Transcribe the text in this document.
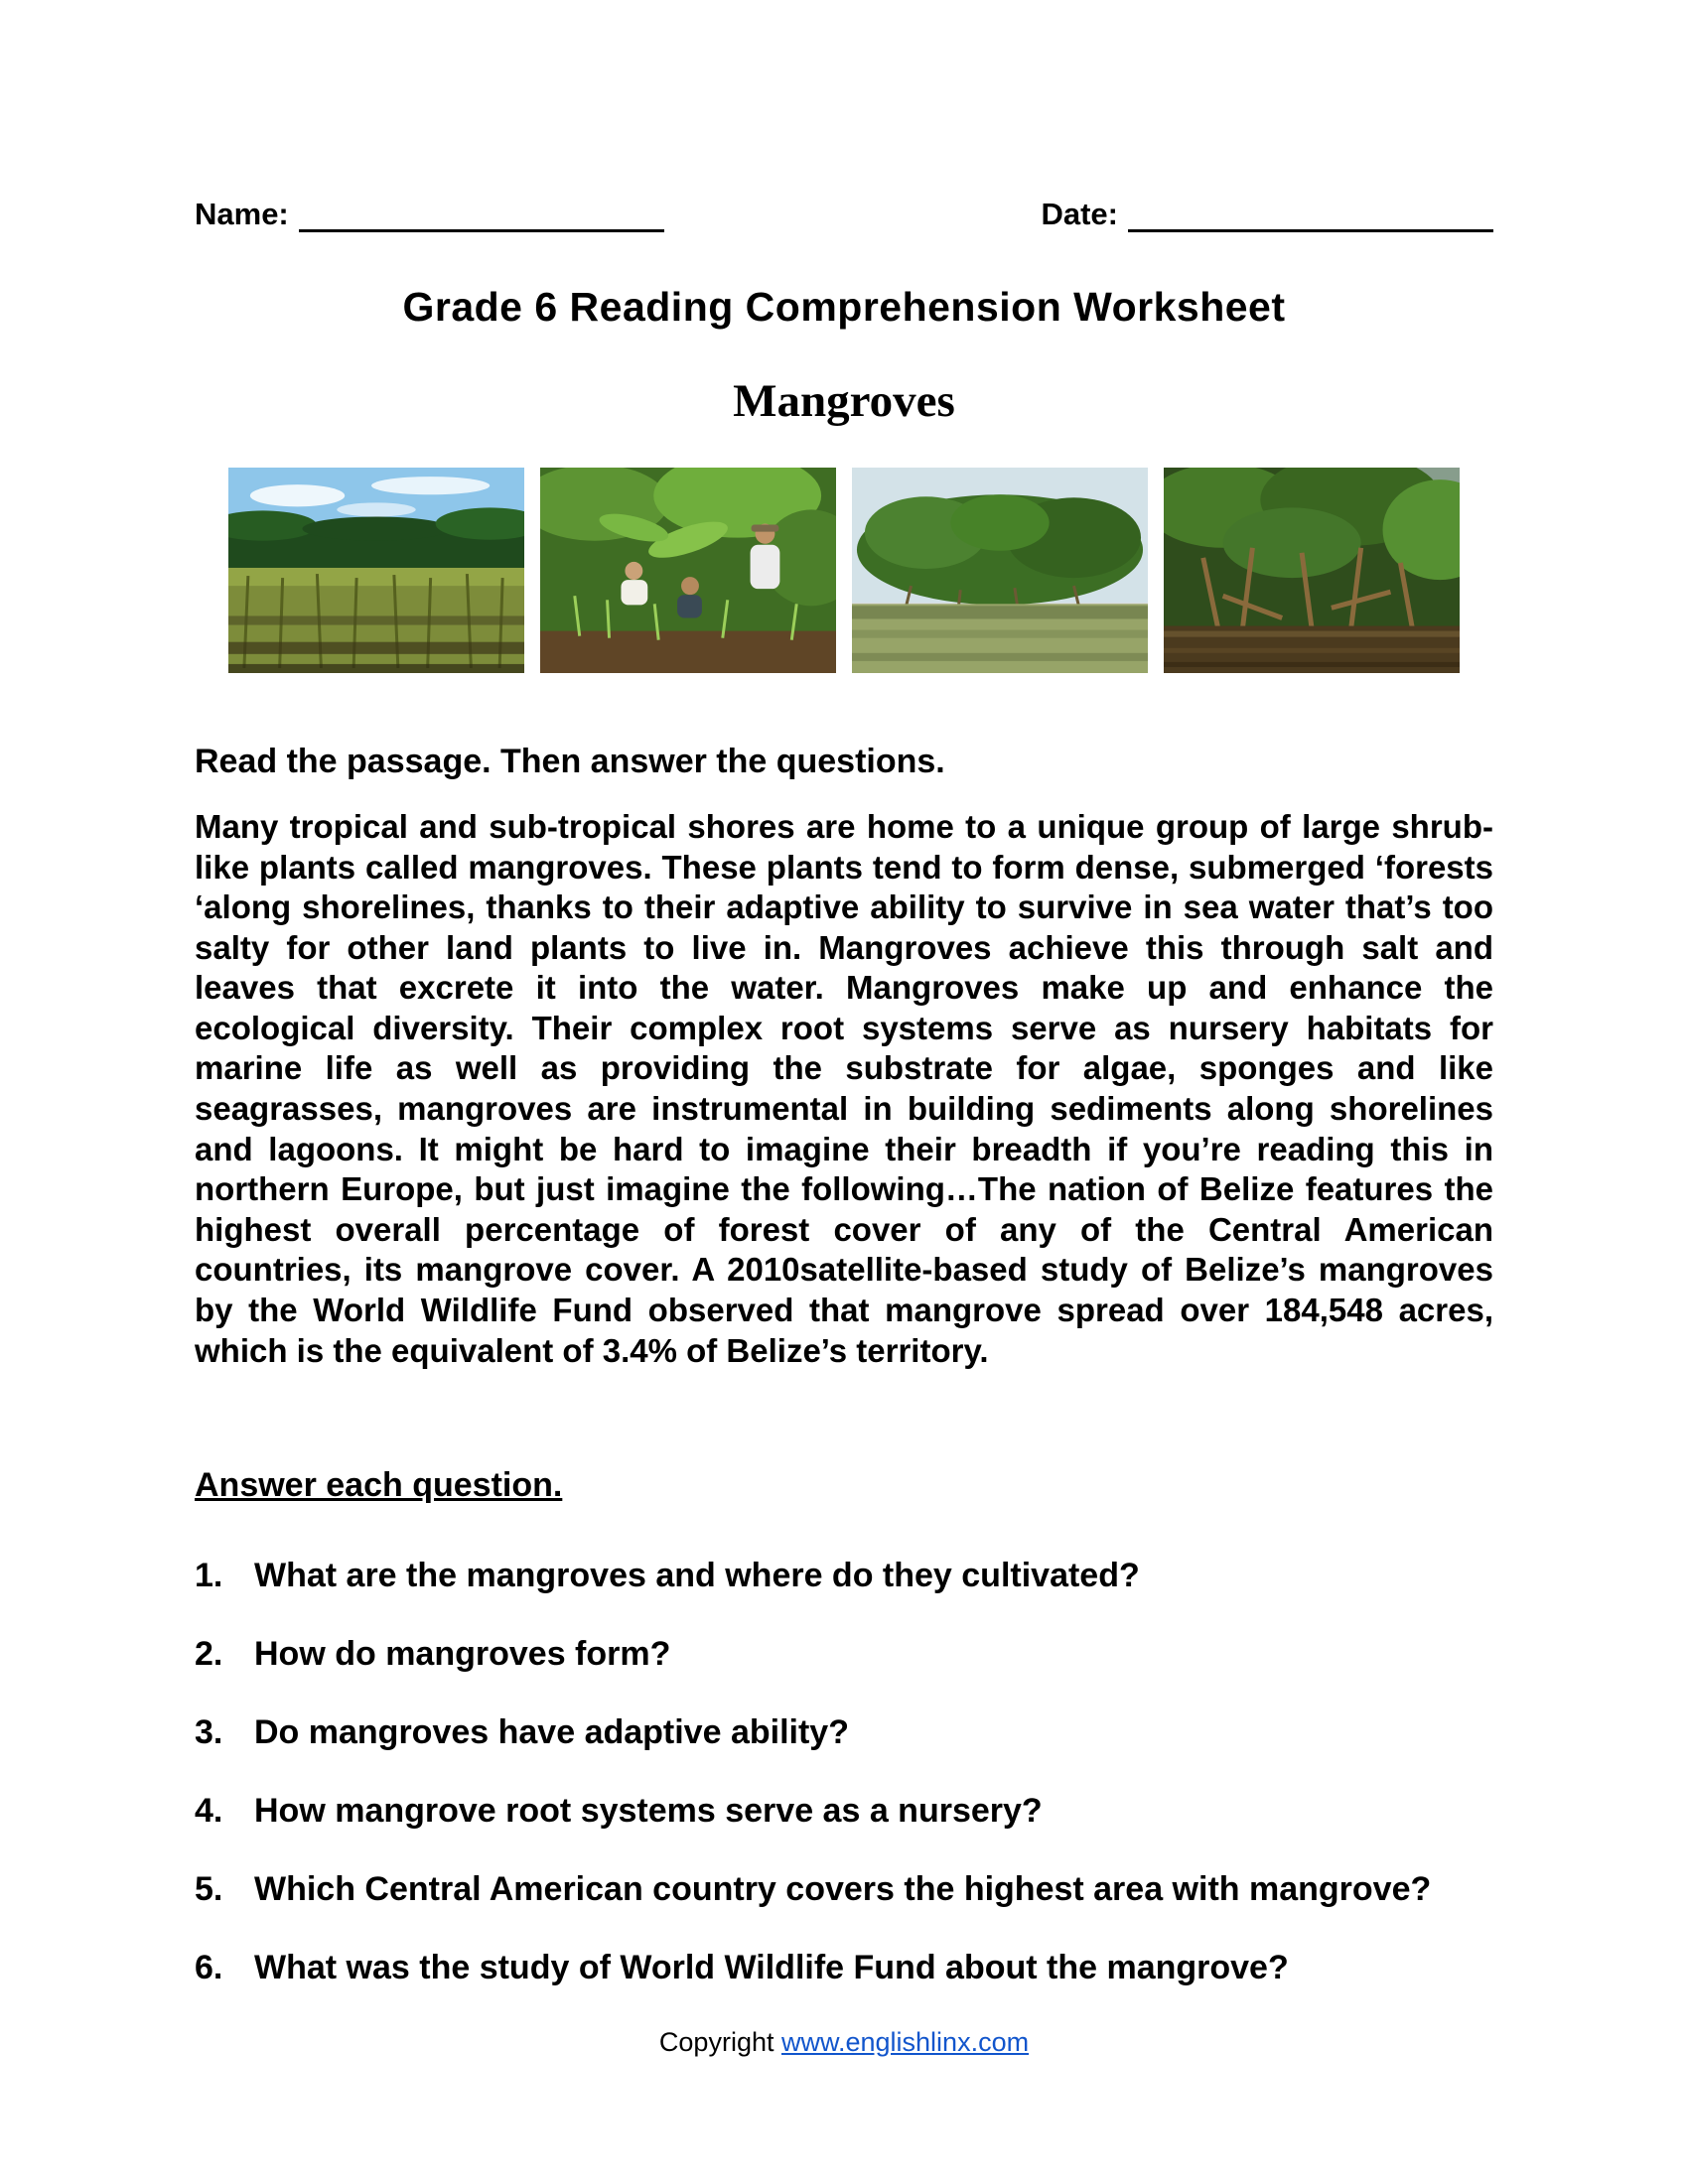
Name:	Date:
Grade 6 Reading Comprehension Worksheet
Mangroves
Read the passage. Then answer the questions.
Many tropical and sub-tropical shores are home to a unique group of large shrub-like plants called mangroves. These plants tend to form dense, submerged ‘forests ‘along shorelines, thanks to their adaptive ability to survive in sea water that’s too salty for other land plants to live in. Mangroves achieve this through salt and leaves that excrete it into the water. Mangroves make up and enhance the ecological diversity. Their complex root systems serve as nursery habitats for marine life as well as providing the substrate for algae, sponges and like seagrasses, mangroves are instrumental in building sediments along shorelines and lagoons. It might be hard to imagine their breadth if you’re reading this in northern Europe, but just imagine the following…The nation of Belize features the highest overall percentage of forest cover of any of the Central American countries, its mangrove cover. A 2010satellite-based study of Belize’s mangroves by the World Wildlife Fund observed that mangrove spread over 184,548 acres, which is the equivalent of 3.4% of Belize’s territory.
Answer each question.
1. What are the mangroves and where do they cultivated?
2. How do mangroves form?
3. Do mangroves have adaptive ability?
4. How mangrove root systems serve as a nursery?
5. Which Central American country covers the highest area with mangrove?
6. What was the study of World Wildlife Fund about the mangrove?
Copyright www.englishlinx.com
